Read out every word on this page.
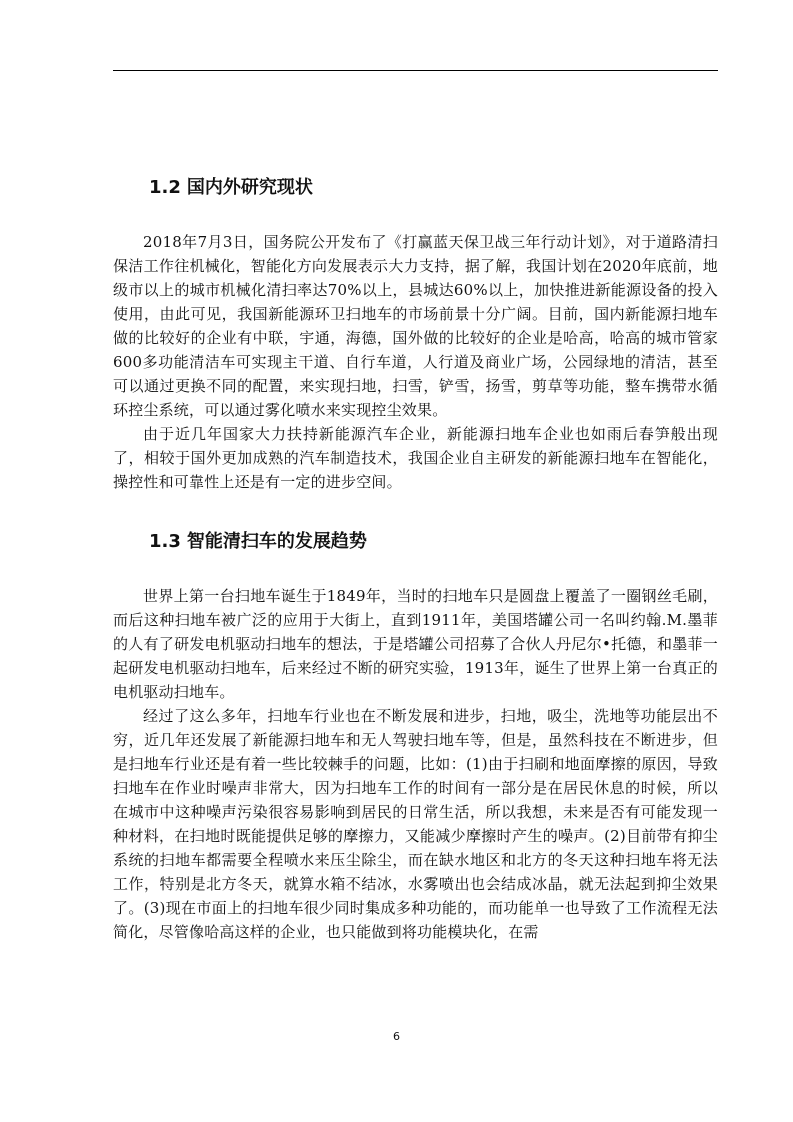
1.2 国内外研究现状

2018年7月3日，国务院公开发布了《打赢蓝天保卫战三年行动计划》，对于道路清扫保洁工作往机械化，智能化方向发展表示大力支持，据了解，我国计划在2020年底前，地级市以上的城市机械化清扫率达70%以上，县城达60%以上，加快推进新能源设备的投入使用，由此可见，我国新能源环卫扫地车的市场前景十分广阔。目前，国内新能源扫地车做的比较好的企业有中联，宇通，海德，国外做的比较好的企业是哈高，哈高的城市管家600多功能清洁车可实现主干道、自行车道，人行道及商业广场，公园绿地的清洁，甚至可以通过更换不同的配置，来实现扫地，扫雪，铲雪，扬雪，剪草等功能，整车携带水循环控尘系统，可以通过雾化喷水来实现控尘效果。

由于近几年国家大力扶持新能源汽车企业，新能源扫地车企业也如雨后春笋般出现了，相较于国外更加成熟的汽车制造技术，我国企业自主研发的新能源扫地车在智能化，操控性和可靠性上还是有一定的进步空间。

1.3 智能清扫车的发展趋势

世界上第一台扫地车诞生于1849年，当时的扫地车只是圆盘上覆盖了一圈钢丝毛刷，而后这种扫地车被广泛的应用于大街上，直到1911年，美国塔罐公司一名叫约翰.M.墨菲的人有了研发电机驱动扫地车的想法，于是塔罐公司招募了合伙人丹尼尔•托德，和墨菲一起研发电机驱动扫地车，后来经过不断的研究实验，1913年，诞生了世界上第一台真正的电机驱动扫地车。

经过了这么多年，扫地车行业也在不断发展和进步，扫地，吸尘，洗地等功能层出不穷，近几年还发展了新能源扫地车和无人驾驶扫地车等，但是，虽然科技在不断进步，但是扫地车行业还是有着一些比较棘手的问题，比如：(1)由于扫刷和地面摩擦的原因，导致扫地车在作业时噪声非常大，因为扫地车工作的时间有一部分是在居民休息的时候，所以在城市中这种噪声污染很容易影响到居民的日常生活，所以我想，未来是否有可能发现一种材料，在扫地时既能提供足够的摩擦力，又能减少摩擦时产生的噪声。(2)目前带有抑尘系统的扫地车都需要全程喷水来压尘除尘，而在缺水地区和北方的冬天这种扫地车将无法工作，特别是北方冬天，就算水箱不结冰，水雾喷出也会结成冰晶，就无法起到抑尘效果了。(3)现在市面上的扫地车很少同时集成多种功能的，而功能单一也导致了工作流程无法简化，尽管像哈高这样的企业，也只能做到将功能模块化，在需

6
